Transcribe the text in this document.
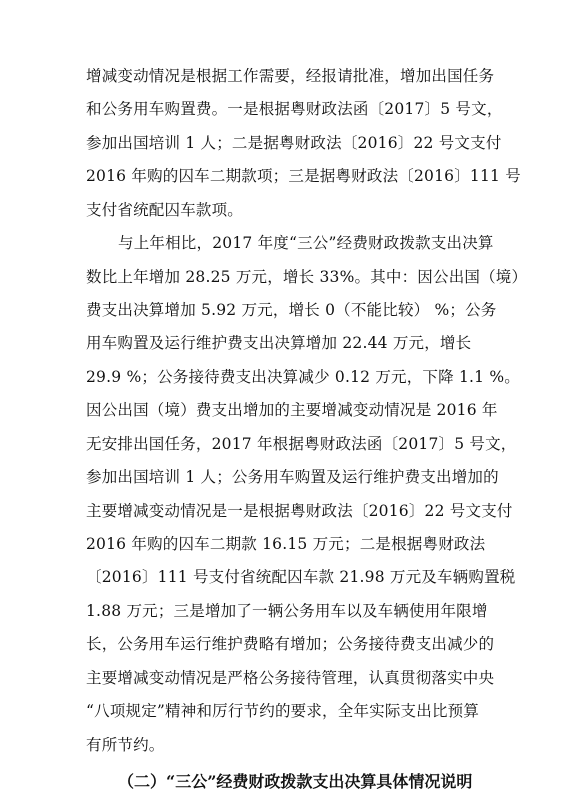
增减变动情况是根据工作需要，经报请批准，增加出国任务
和公务用车购置费。一是根据粤财政法函〔2017〕5 号文，
参加出国培训 1 人；二是据粤财政法〔2016〕22 号文支付
2016 年购的囚车二期款项；三是据粤财政法〔2016〕111 号
支付省统配囚车款项。
与上年相比，2017 年度“三公”经费财政拨款支出决算
数比上年增加 28.25 万元，增长 33%。其中：因公出国（境）
费支出决算增加 5.92 万元，增长 0（不能比较） %；公务
用车购置及运行维护费支出决算增加 22.44 万元，增长
29.9 %；公务接待费支出决算减少 0.12 万元，下降 1.1 %。
因公出国（境）费支出增加的主要增减变动情况是 2016 年
无安排出国任务，2017 年根据粤财政法函〔2017〕5 号文，
参加出国培训 1 人；公务用车购置及运行维护费支出增加的
主要增减变动情况是一是根据粤财政法〔2016〕22 号文支付
2016 年购的囚车二期款 16.15 万元；二是根据粤财政法
〔2016〕111 号支付省统配囚车款 21.98 万元及车辆购置税
1.88 万元；三是增加了一辆公务用车以及车辆使用年限增
长，公务用车运行维护费略有增加；公务接待费支出减少的
主要增减变动情况是严格公务接待管理，认真贯彻落实中央
“八项规定”精神和厉行节约的要求，全年实际支出比预算
有所节约。
（二）“三公”经费财政拨款支出决算具体情况说明
